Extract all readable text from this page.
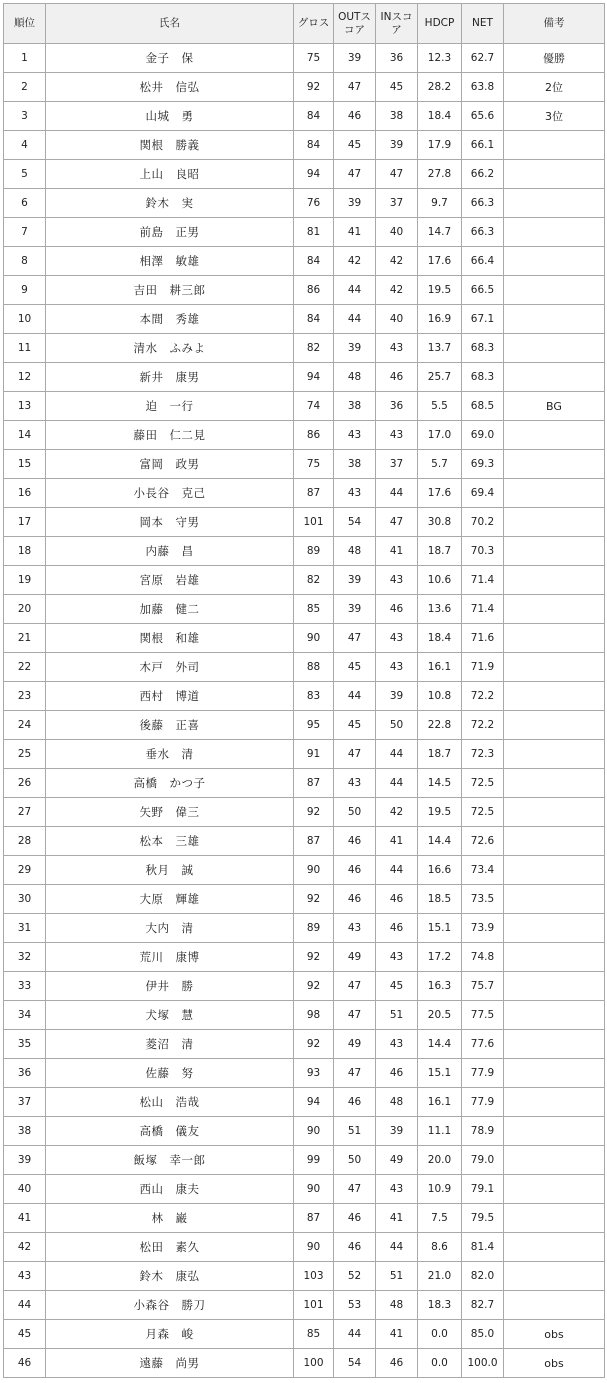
順位	氏名	グロス	OUTスコア	INスコア	HDCP	NET	備考
1	金子　保	75	39	36	12.3	62.7	優勝
2	松井　信弘	92	47	45	28.2	63.8	2位
3	山城　勇	84	46	38	18.4	65.6	3位
4	関根　勝義	84	45	39	17.9	66.1	
5	上山　良昭	94	47	47	27.8	66.2	
6	鈴木　実	76	39	37	9.7	66.3	
7	前島　正男	81	41	40	14.7	66.3	
8	相澤　敏雄	84	42	42	17.6	66.4	
9	吉田　耕三郎	86	44	42	19.5	66.5	
10	本間　秀雄	84	44	40	16.9	67.1	
11	清水　ふみよ	82	39	43	13.7	68.3	
12	新井　康男	94	48	46	25.7	68.3	
13	迫　一行	74	38	36	5.5	68.5	BG
14	藤田　仁二見	86	43	43	17.0	69.0	
15	富岡　政男	75	38	37	5.7	69.3	
16	小長谷　克己	87	43	44	17.6	69.4	
17	岡本　守男	101	54	47	30.8	70.2	
18	内藤　昌	89	48	41	18.7	70.3	
19	宮原　岩雄	82	39	43	10.6	71.4	
20	加藤　健二	85	39	46	13.6	71.4	
21	関根　和雄	90	47	43	18.4	71.6	
22	木戸　外司	88	45	43	16.1	71.9	
23	西村　博道	83	44	39	10.8	72.2	
24	後藤　正喜	95	45	50	22.8	72.2	
25	垂水　清	91	47	44	18.7	72.3	
26	高橋　かつ子	87	43	44	14.5	72.5	
27	矢野　偉三	92	50	42	19.5	72.5	
28	松本　三雄	87	46	41	14.4	72.6	
29	秋月　誠	90	46	44	16.6	73.4	
30	大原　輝雄	92	46	46	18.5	73.5	
31	大内　清	89	43	46	15.1	73.9	
32	荒川　康博	92	49	43	17.2	74.8	
33	伊井　勝	92	47	45	16.3	75.7	
34	犬塚　慧	98	47	51	20.5	77.5	
35	菱沼　清	92	49	43	14.4	77.6	
36	佐藤　努	93	47	46	15.1	77.9	
37	松山　浩哉	94	46	48	16.1	77.9	
38	高橋　儀友	90	51	39	11.1	78.9	
39	飯塚　幸一郎	99	50	49	20.0	79.0	
40	西山　康夫	90	47	43	10.9	79.1	
41	林　巌	87	46	41	7.5	79.5	
42	松田　素久	90	46	44	8.6	81.4	
43	鈴木　康弘	103	52	51	21.0	82.0	
44	小森谷　勝刀	101	53	48	18.3	82.7	
45	月森　峻	85	44	41	0.0	85.0	obs
46	遠藤　尚男	100	54	46	0.0	100.0	obs
